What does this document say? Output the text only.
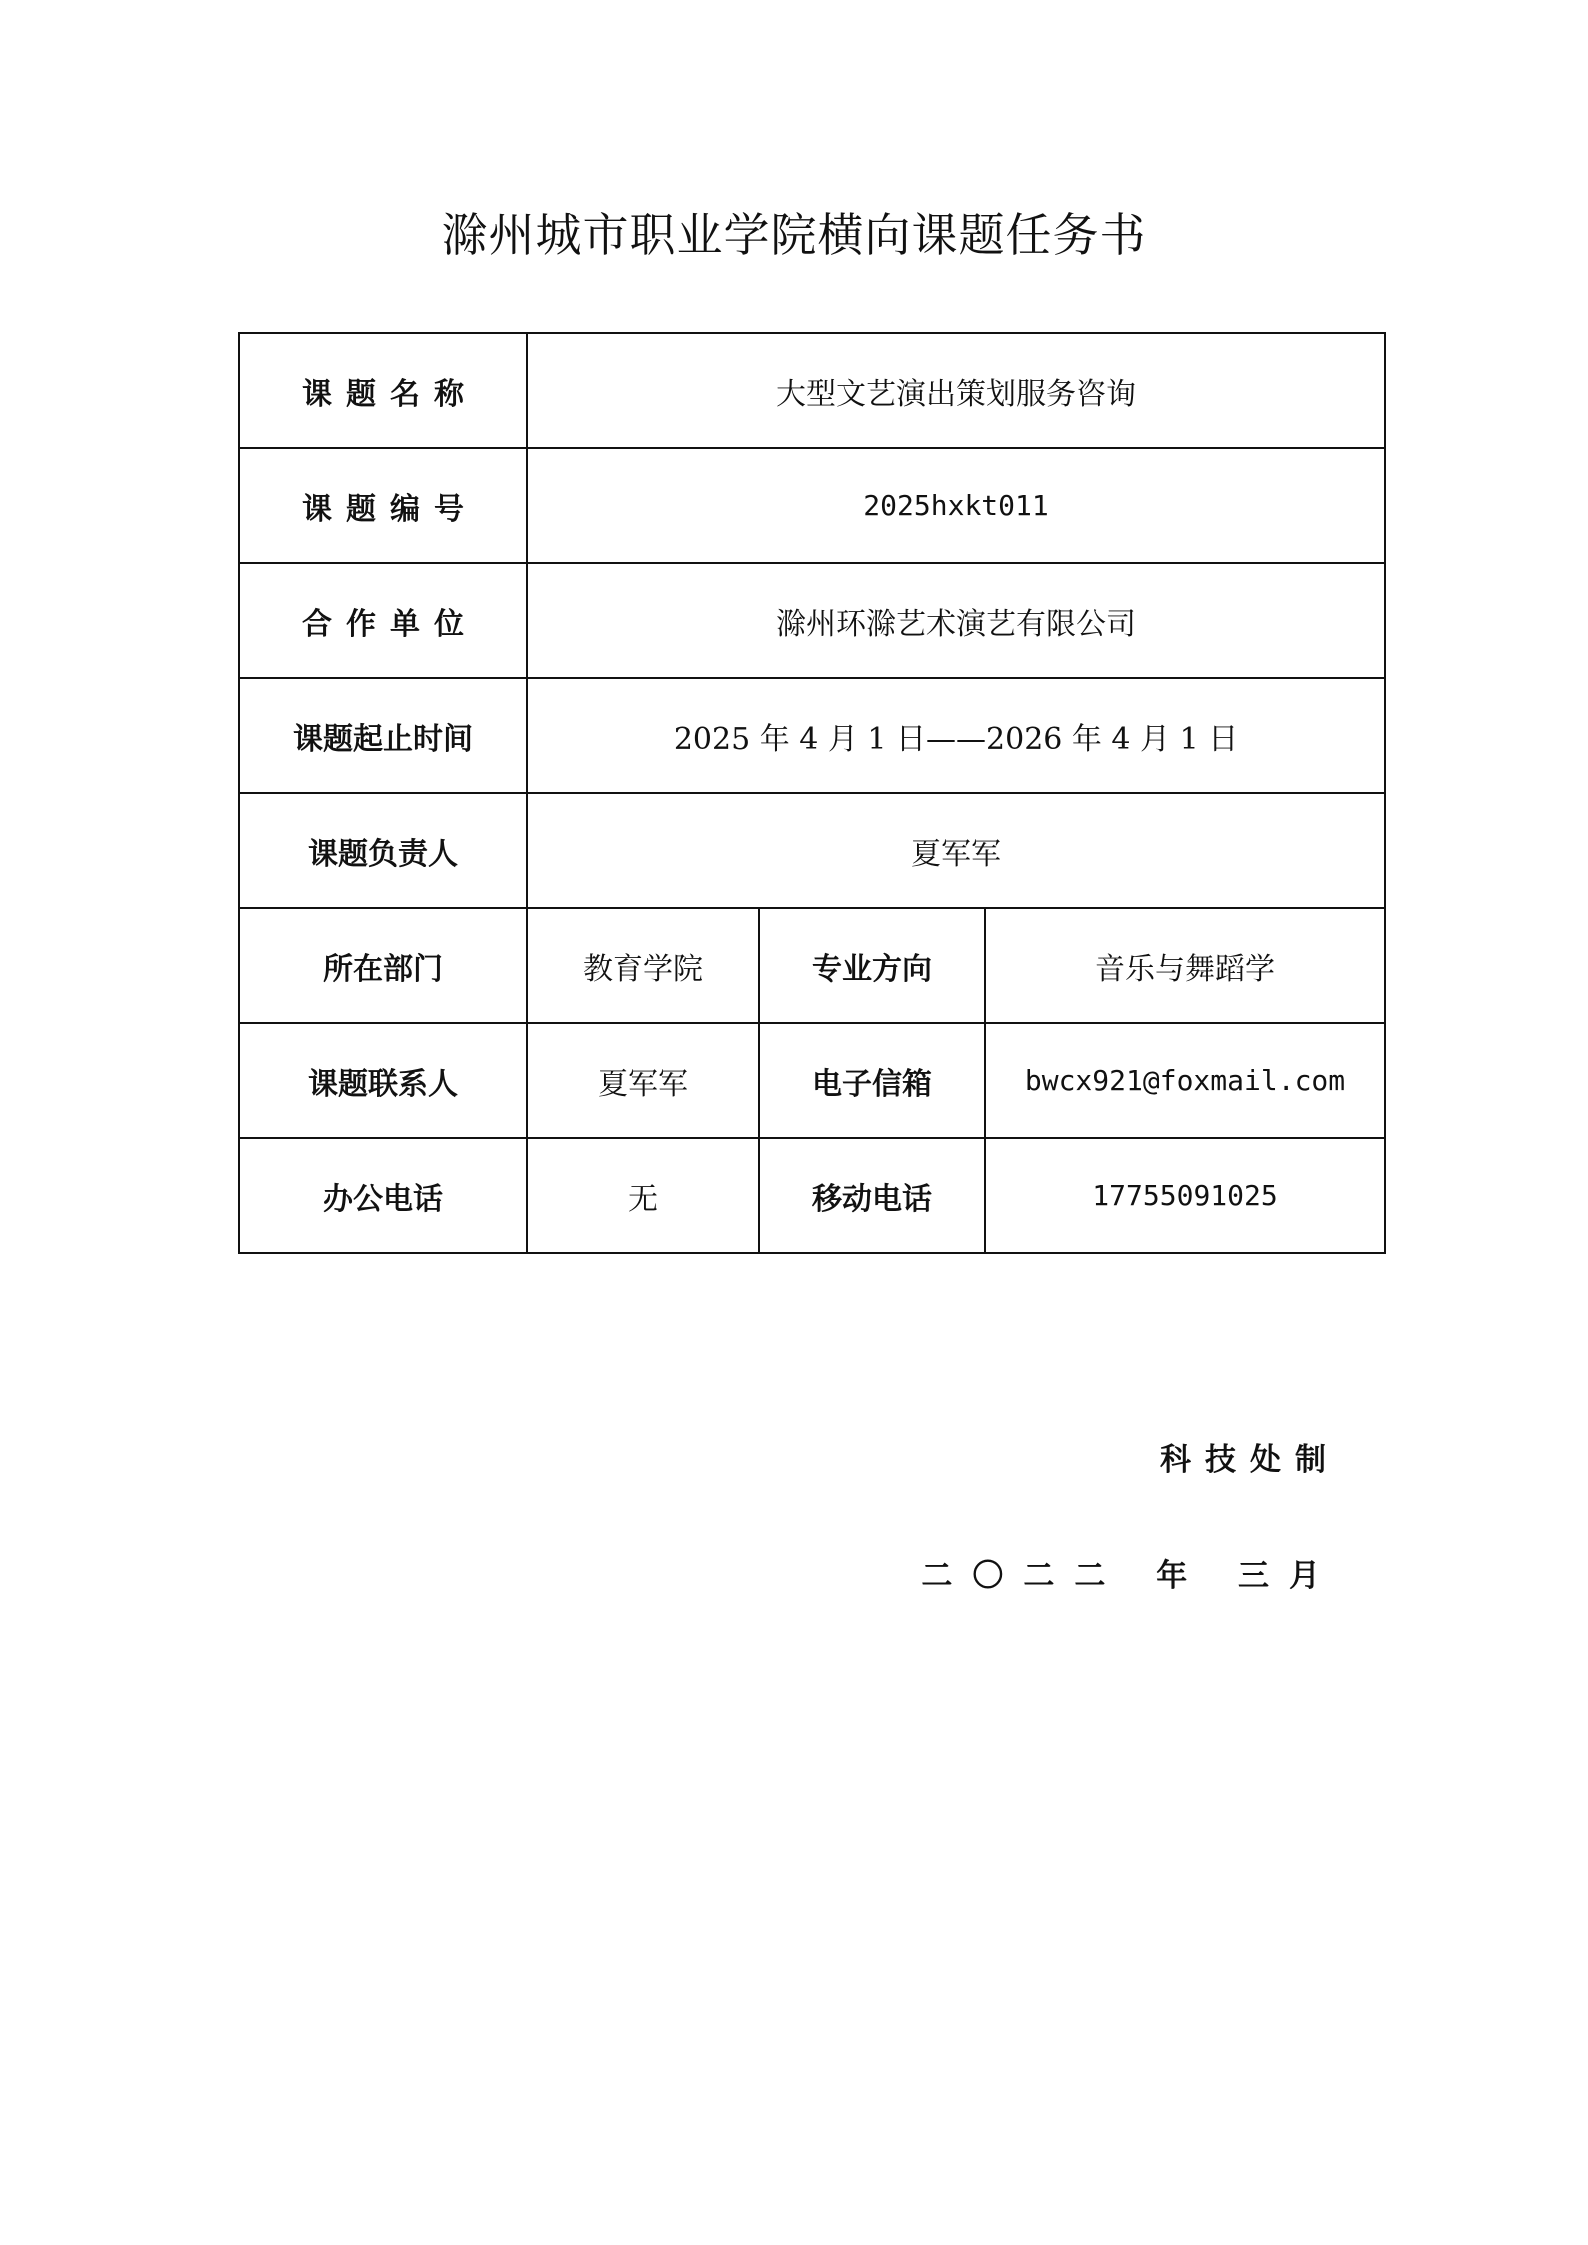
滁州城市职业学院横向课题任务书
课题名称	大型文艺演出策划服务咨询		
课题编号	2025hxkt011		
合作单位	滁州环滁艺术演艺有限公司		
课题起止时间	2025 年 4 月 1 日——2026 年 4 月 1 日		
课题负责人	夏军军		
所在部门	教育学院	专业方向	音乐与舞蹈学
课题联系人	夏军军	电子信箱	bwcx921@foxmail.com
办公电话	无	移动电话	17755091025
科技处制
二〇二二 年 三月
